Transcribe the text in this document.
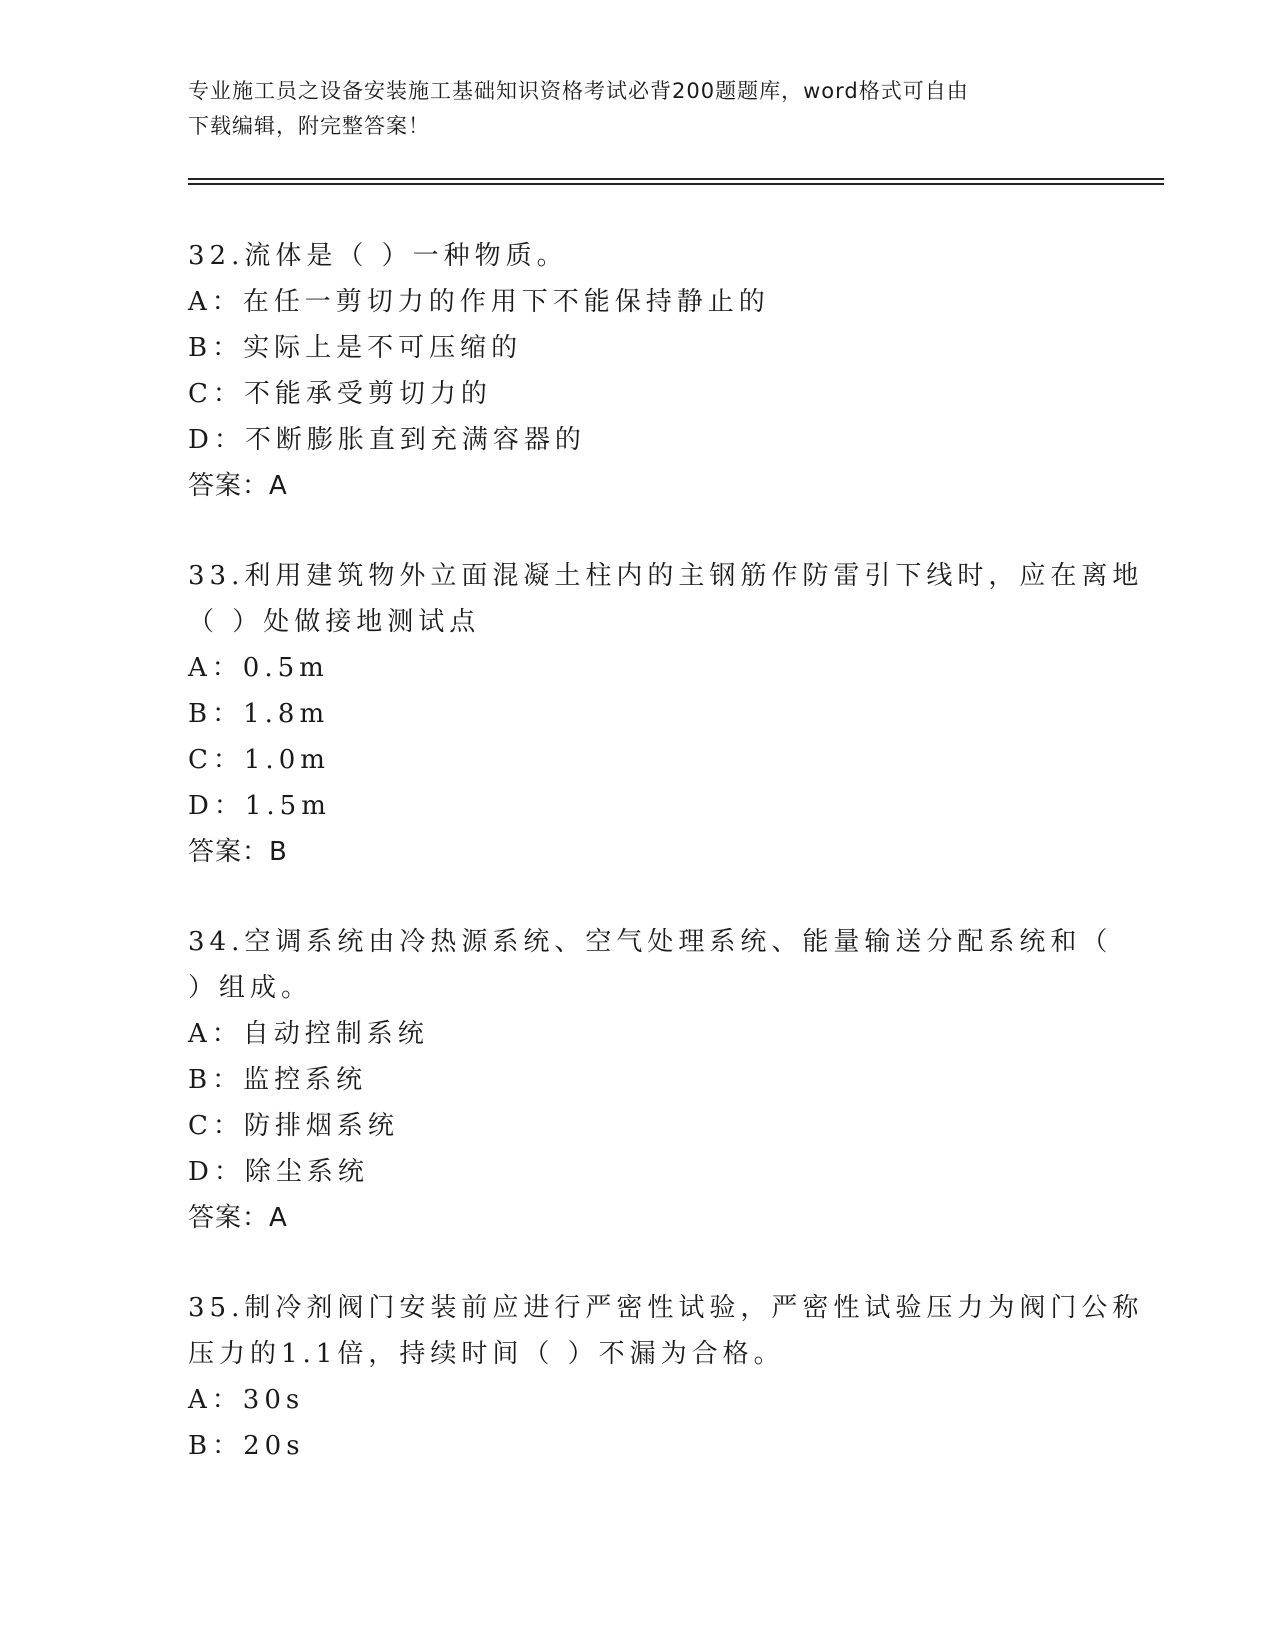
专业施工员之设备安装施工基础知识资格考试必背200题题库，word格式可自由
下载编辑，附完整答案！
32.流体是（ ）一种物质。
A：在任一剪切力的作用下不能保持静止的
B：实际上是不可压缩的
C：不能承受剪切力的
D：不断膨胀直到充满容器的
答案：A
33.利用建筑物外立面混凝土柱内的主钢筋作防雷引下线时，应在离地
（ ）处做接地测试点
A：0.5m
B：1.8m
C：1.0m
D：1.5m
答案：B
34.空调系统由冷热源系统、空气处理系统、能量输送分配系统和（
）组成。
A：自动控制系统
B：监控系统
C：防排烟系统
D：除尘系统
答案：A
35.制冷剂阀门安装前应进行严密性试验，严密性试验压力为阀门公称
压力的1.1倍，持续时间（ ）不漏为合格。
A：30s
B：20s
